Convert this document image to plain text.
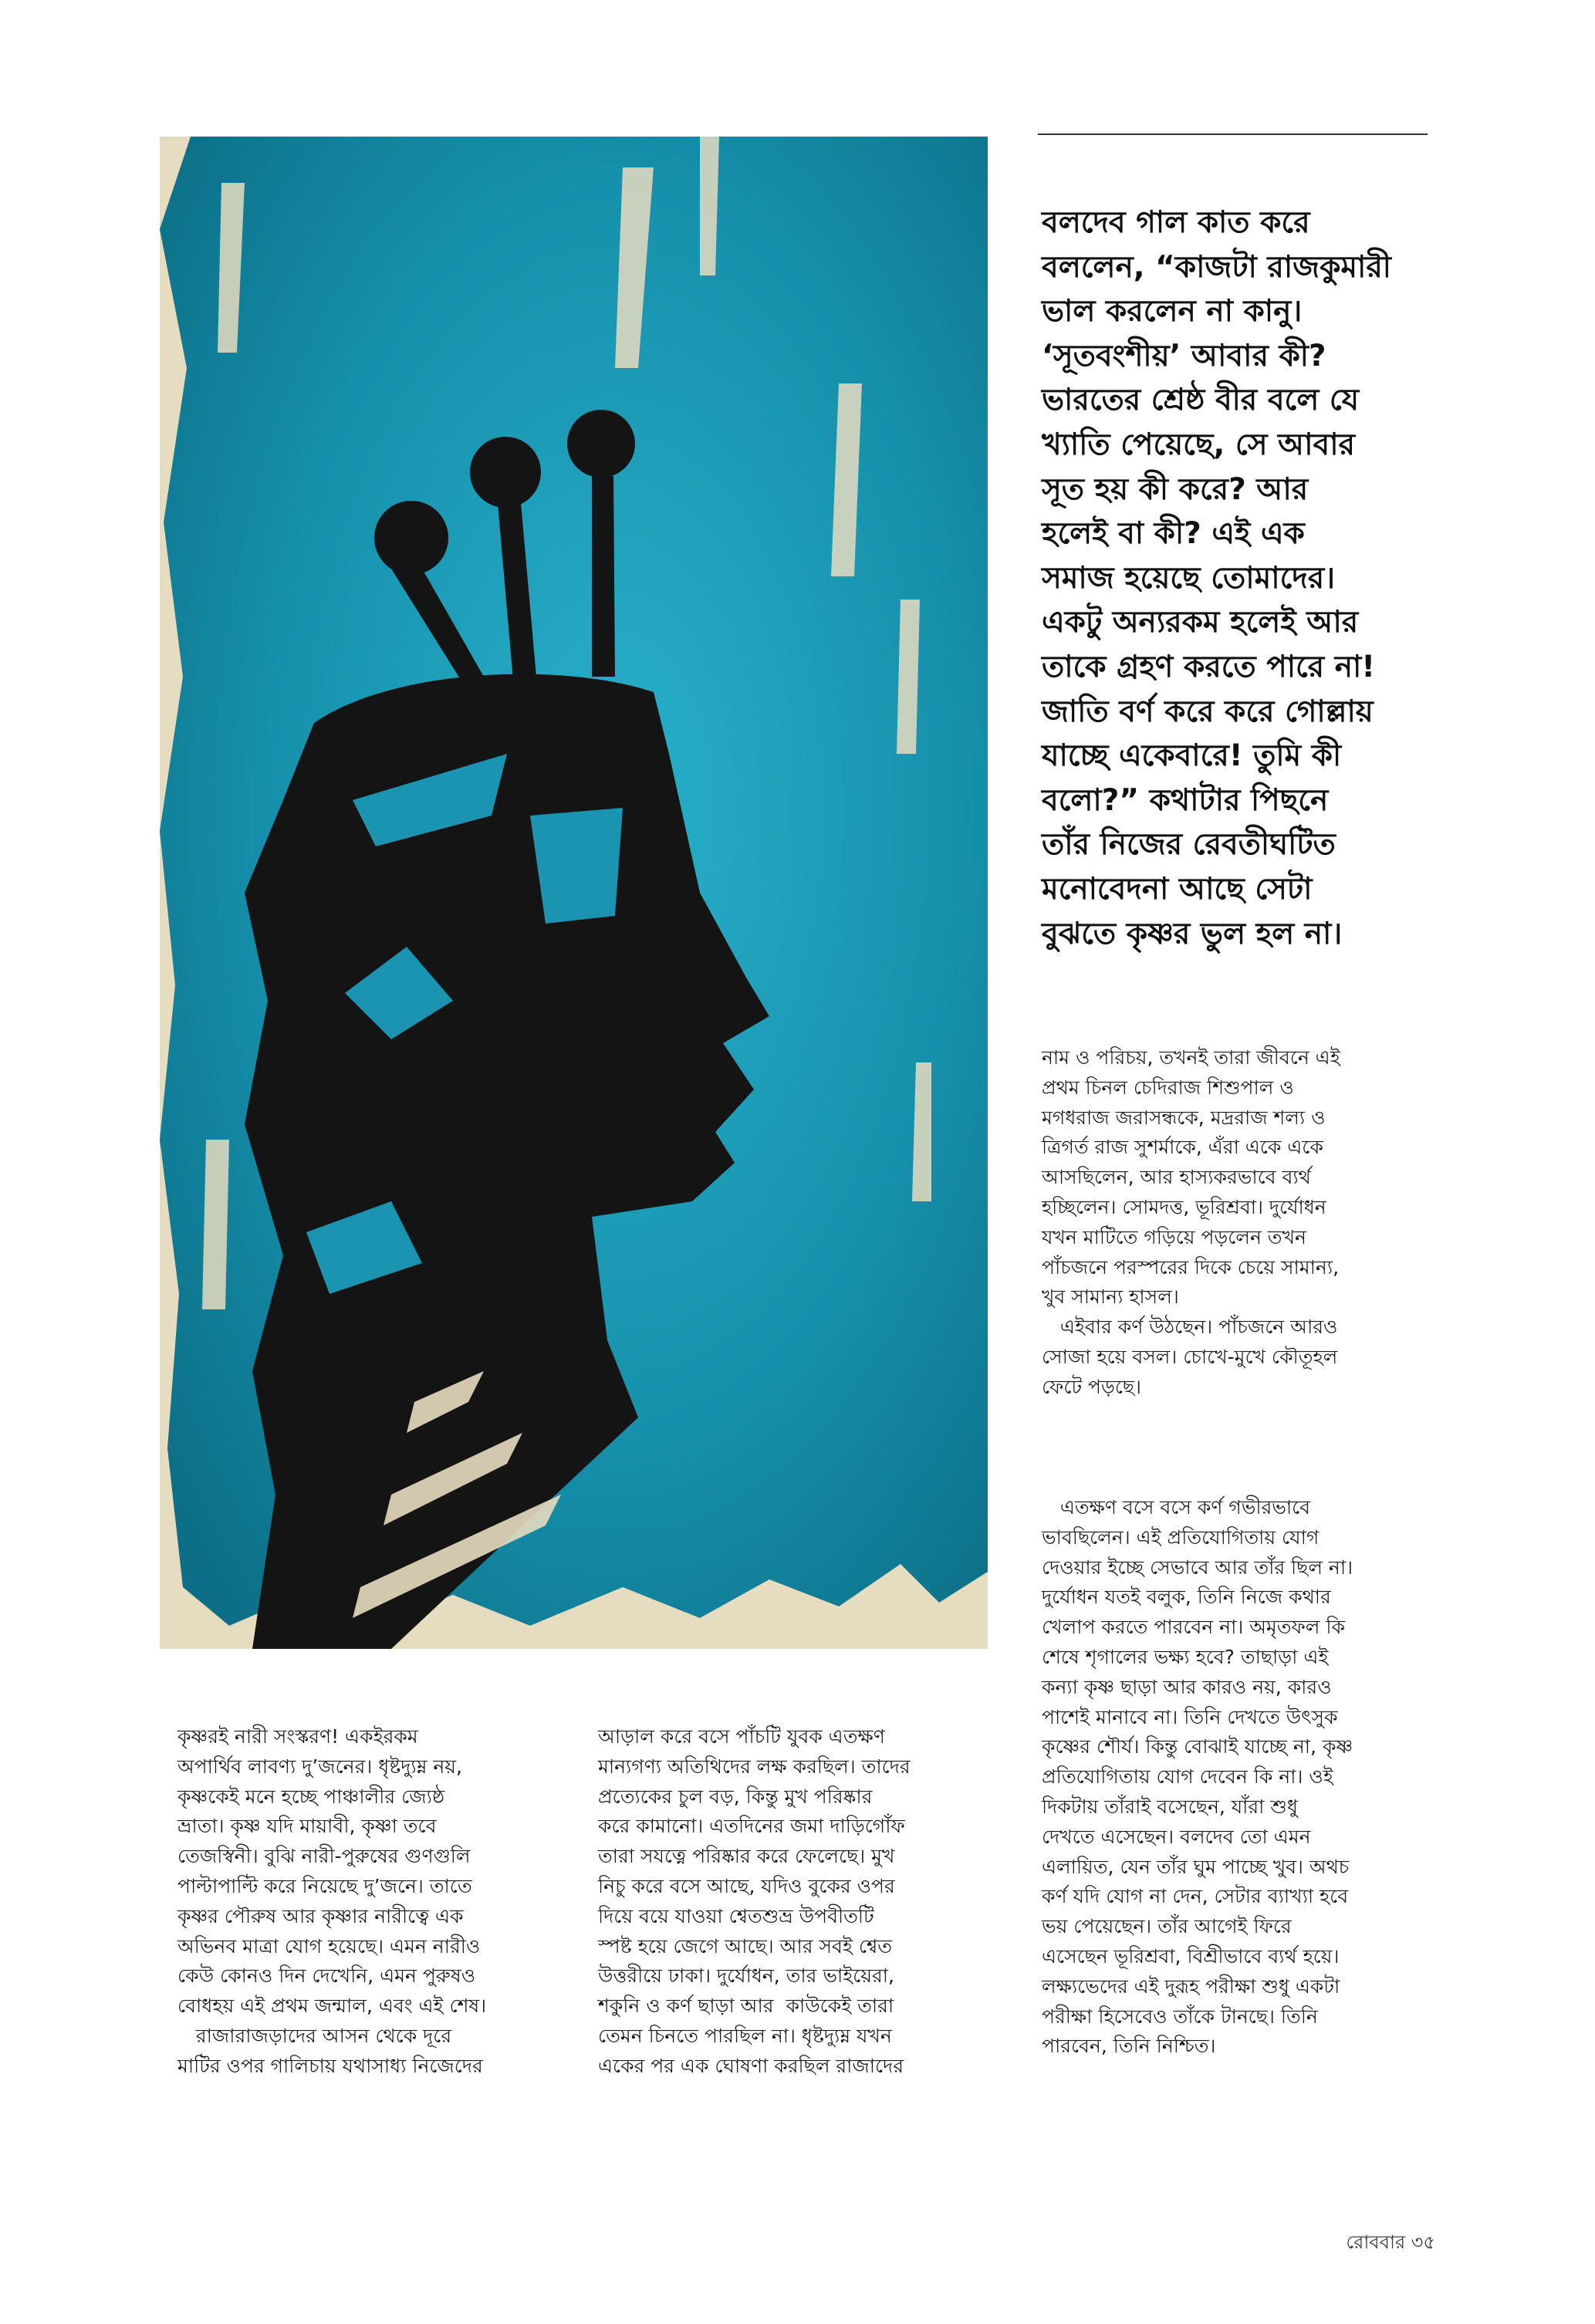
বলদেব গাল কাত করে
বললেন, “কাজটা রাজকুমারী
ভাল করলেন না কানু।
‘সূতবংশীয়’ আবার কী?
ভারতের শ্রেষ্ঠ বীর বলে যে
খ্যাতি পেয়েছে, সে আবার
সূত হয় কী করে? আর
হলেই বা কী? এই এক
সমাজ হয়েছে তোমাদের।
একটু অন্যরকম হলেই আর
তাকে গ্রহণ করতে পারে না!
জাতি বর্ণ করে করে গোল্লায়
যাচ্ছে একেবারে! তুমি কী
বলো?” কথাটার পিছনে
তাঁর নিজের রেবতীঘটিত
মনোবেদনা আছে সেটা
বুঝতে কৃষ্ণর ভুল হল না।
নাম ও পরিচয়, তখনই তারা জীবনে এই
প্রথম চিনল চেদিরাজ শিশুপাল ও
মগধরাজ জরাসন্ধকে, মদ্ররাজ শল্য ও
ত্রিগর্ত রাজ সুশর্মাকে, এঁরা একে একে
আসছিলেন, আর হাস্যকরভাবে ব্যর্থ
হচ্ছিলেন। সোমদত্ত, ভূরিশ্রবা। দুর্যোধন
যখন মাটিতে গড়িয়ে পড়লেন তখন
পাঁচজনে পরস্পরের দিকে চেয়ে সামান্য,
খুব সামান্য হাসল।
এইবার কর্ণ উঠছেন। পাঁচজনে আরও
সোজা হয়ে বসল। চোখে-মুখে কৌতূহল
ফেটে পড়ছে।
এতক্ষণ বসে বসে কর্ণ গভীরভাবে
ভাবছিলেন। এই প্রতিযোগিতায় যোগ
দেওয়ার ইচ্ছে সেভাবে আর তাঁর ছিল না।
দুর্যোধন যতই বলুক, তিনি নিজে কথার
খেলাপ করতে পারবেন না। অমৃতফল কি
শেষে শৃগালের ভক্ষ্য হবে? তাছাড়া এই
কন্যা কৃষ্ণ ছাড়া আর কারও নয়, কারও
পাশেই মানাবে না। তিনি দেখতে উৎসুক
কৃষ্ণের শৌর্য। কিন্তু বোঝাই যাচ্ছে না, কৃষ্ণ
প্রতিযোগিতায় যোগ দেবেন কি না। ওই
দিকটায় তাঁরাই বসেছেন, যাঁরা শুধু
দেখতে এসেছেন। বলদেব তো এমন
এলায়িত, যেন তাঁর ঘুম পাচ্ছে খুব। অথচ
কর্ণ যদি যোগ না দেন, সেটার ব্যাখ্যা হবে
ভয় পেয়েছেন। তাঁর আগেই ফিরে
এসেছেন ভূরিশ্রবা, বিশ্রীভাবে ব্যর্থ হয়ে।
লক্ষ্যভেদের এই দুরূহ পরীক্ষা শুধু একটা
পরীক্ষা হিসেবেও তাঁকে টানছে। তিনি
পারবেন, তিনি নিশ্চিত।
কৃষ্ণরই নারী সংস্করণ! একইরকম
অপার্থিব লাবণ্য দু’জনের। ধৃষ্টদ্যুম্ন নয়,
কৃষ্ণকেই মনে হচ্ছে পাঞ্চালীর জ্যেষ্ঠ
ভ্রাতা। কৃষ্ণ যদি মায়াবী, কৃষ্ণা তবে
তেজস্বিনী। বুঝি নারী-পুরুষের গুণগুলি
পাল্টাপাল্টি করে নিয়েছে দু’জনে। তাতে
কৃষ্ণর পৌরুষ আর কৃষ্ণার নারীত্বে এক
অভিনব মাত্রা যোগ হয়েছে। এমন নারীও
কেউ কোনও দিন দেখেনি, এমন পুরুষও
বোধহয় এই প্রথম জন্মাল, এবং এই শেষ।
রাজারাজড়াদের আসন থেকে দূরে
মাটির ওপর গালিচায় যথাসাধ্য নিজেদের
আড়াল করে বসে পাঁচটি যুবক এতক্ষণ
মান্যগণ্য অতিথিদের লক্ষ করছিল। তাদের
প্রত্যেকের চুল বড়, কিন্তু মুখ পরিষ্কার
করে কামানো। এতদিনের জমা দাড়িগোঁফ
তারা সযত্নে পরিষ্কার করে ফেলেছে। মুখ
নিচু করে বসে আছে, যদিও বুকের ওপর
দিয়ে বয়ে যাওয়া শ্বেতশুভ্র উপবীতটি
স্পষ্ট হয়ে জেগে আছে। আর সবই শ্বেত
উত্তরীয়ে ঢাকা। দুর্যোধন, তার ভাইয়েরা,
শকুনি ও কর্ণ ছাড়া আর  কাউকেই তারা
তেমন চিনতে পারছিল না। ধৃষ্টদ্যুম্ন যখন
একের পর এক ঘোষণা করছিল রাজাদের
রোববার ৩৫
